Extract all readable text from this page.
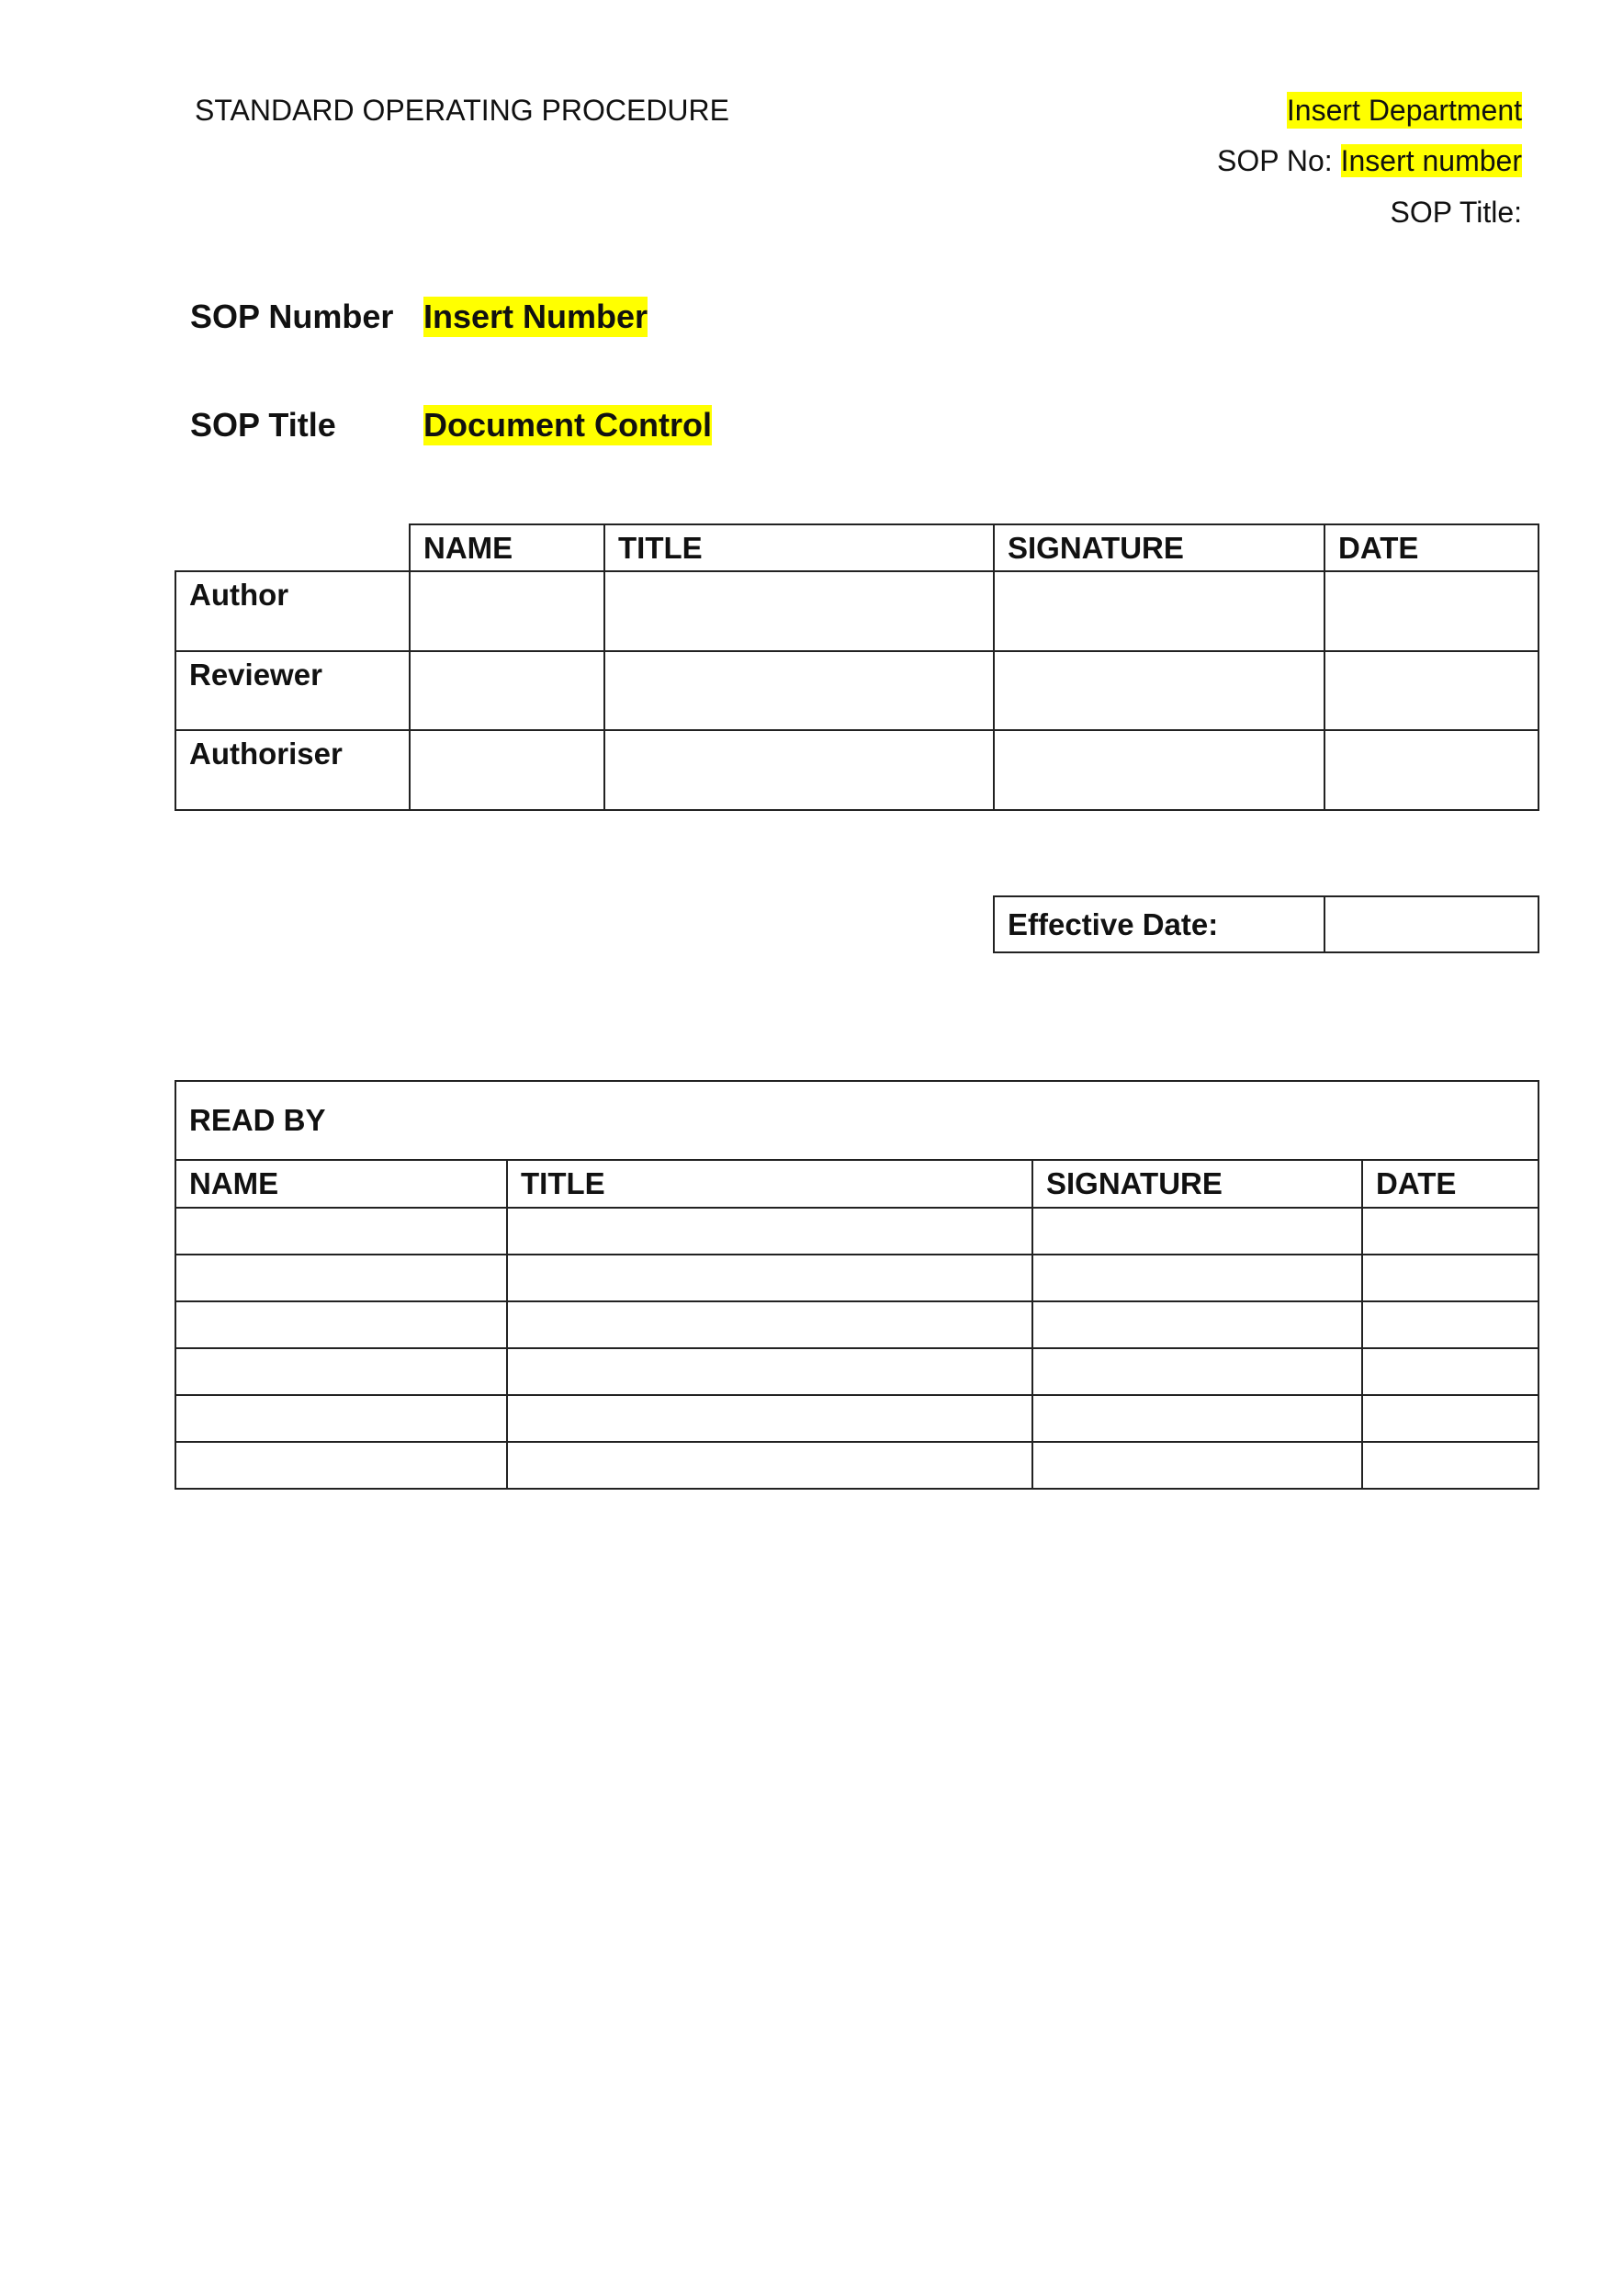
STANDARD OPERATING PROCEDURE	Insert Department
SOP No: Insert number
SOP Title:
SOP Number Insert Number
SOP Title	Document Control
	NAME	TITLE	SIGNATURE	DATE
Author				
Reviewer				
Authoriser				
Effective Date:	
READ BY			
NAME	TITLE	SIGNATURE	DATE
